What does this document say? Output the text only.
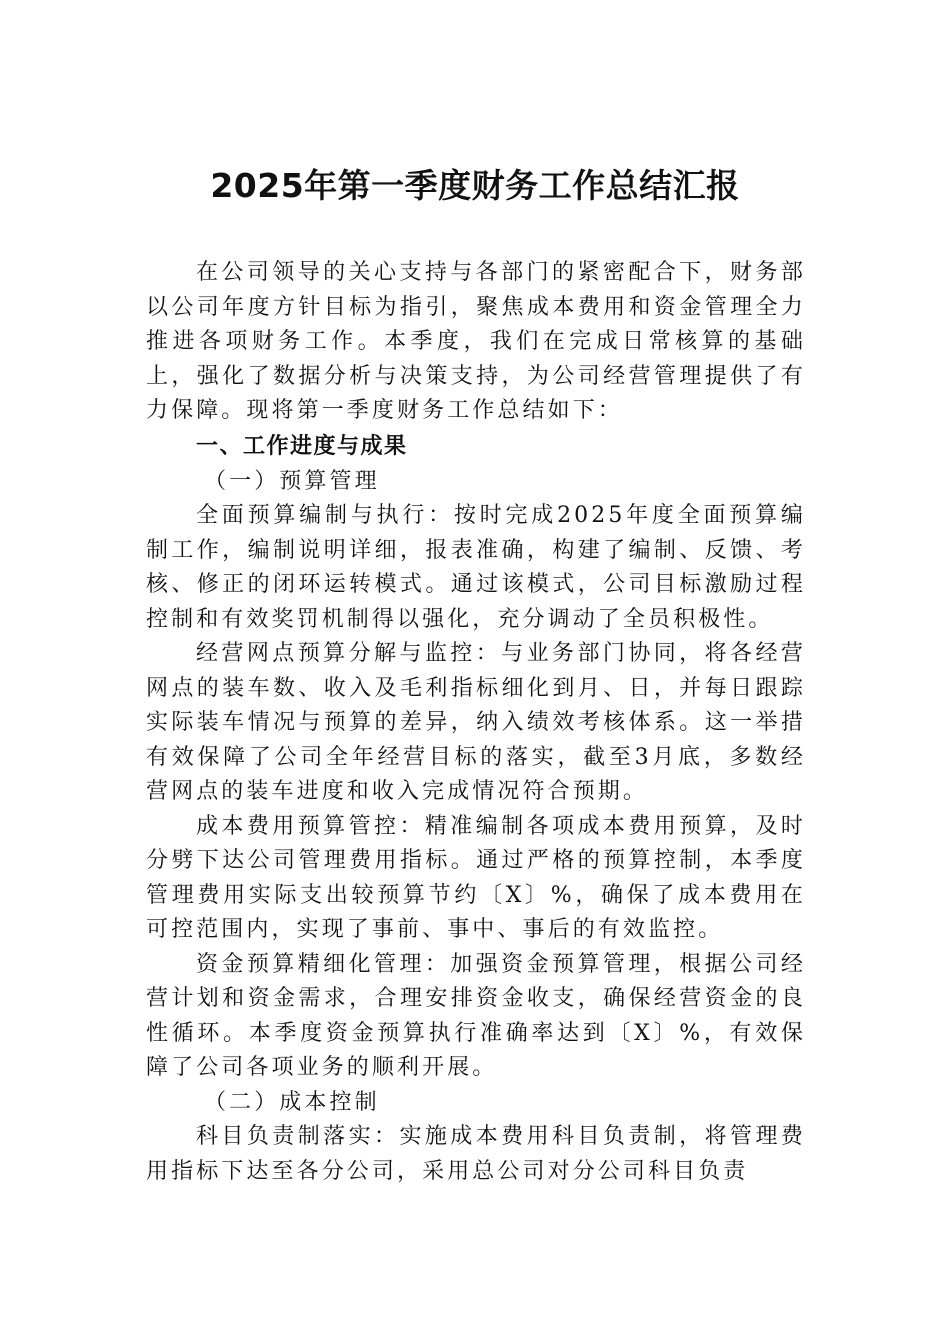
2025年第一季度财务工作总结汇报

在公司领导的关心支持与各部门的紧密配合下，财务部以公司年度方针目标为指引，聚焦成本费用和资金管理全力推进各项财务工作。本季度，我们在完成日常核算的基础上，强化了数据分析与决策支持，为公司经营管理提供了有力保障。现将第一季度财务工作总结如下：

一、工作进度与成果

（一）预算管理

全面预算编制与执行：按时完成2025年度全面预算编制工作，编制说明详细，报表准确，构建了编制、反馈、考核、修正的闭环运转模式。通过该模式，公司目标激励过程控制和有效奖罚机制得以强化，充分调动了全员积极性。

经营网点预算分解与监控：与业务部门协同，将各经营网点的装车数、收入及毛利指标细化到月、日，并每日跟踪实际装车情况与预算的差异，纳入绩效考核体系。这一举措有效保障了公司全年经营目标的落实，截至3月底，多数经营网点的装车进度和收入完成情况符合预期。

成本费用预算管控：精准编制各项成本费用预算，及时分劈下达公司管理费用指标。通过严格的预算控制，本季度管理费用实际支出较预算节约〔X〕%，确保了成本费用在可控范围内，实现了事前、事中、事后的有效监控。

资金预算精细化管理：加强资金预算管理，根据公司经营计划和资金需求，合理安排资金收支，确保经营资金的良性循环。本季度资金预算执行准确率达到〔X〕%，有效保障了公司各项业务的顺利开展。

（二）成本控制

科目负责制落实：实施成本费用科目负责制，将管理费用指标下达至各分公司，采用总公司对分公司科目负责
